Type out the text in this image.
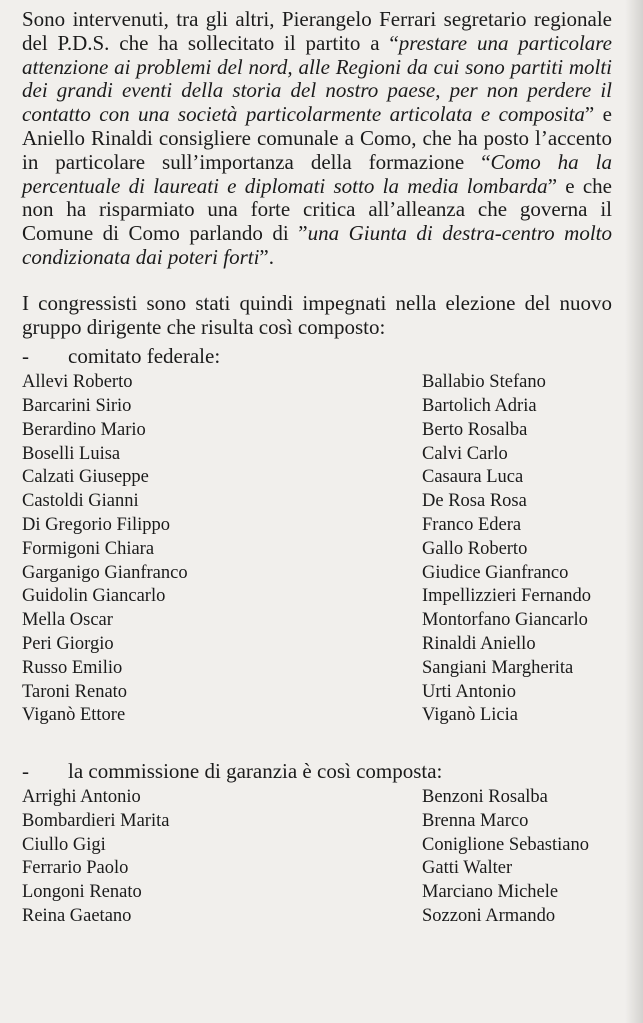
Sono intervenuti, tra gli altri, Pierangelo Ferrari segretario regionale del P.D.S. che ha sollecitato il partito a “prestare una particolare attenzione ai problemi del nord, alle Regioni da cui sono partiti molti dei grandi eventi della storia del nostro paese, per non perdere il contatto con una società particolarmente articolata e composita” e Aniello Rinaldi consigliere comunale a Como, che ha posto l’accento in particolare sull’importanza della formazione “Como ha la percentuale di laureati e diplomati sotto la media lombarda” e che non ha risparmiato una forte critica all’alleanza che governa il Comune di Como parlando di ”una Giunta di destra-centro molto condizionata dai poteri forti”.

I congressisti sono stati quindi impegnati nella elezione del nuovo gruppo dirigente che risulta così composto:

-	comitato federale:
Allevi Roberto	Ballabio Stefano
Barcarini Sirio	Bartolich Adria
Berardino Mario	Berto Rosalba
Boselli Luisa	Calvi Carlo
Calzati Giuseppe	Casaura Luca
Castoldi Gianni	De Rosa Rosa
Di Gregorio Filippo	Franco Edera
Formigoni Chiara	Gallo Roberto
Garganigo Gianfranco	Giudice Gianfranco
Guidolin Giancarlo	Impellizzieri Fernando
Mella Oscar	Montorfano Giancarlo
Peri Giorgio	Rinaldi Aniello
Russo Emilio	Sangiani Margherita
Taroni Renato	Urti Antonio
Viganò Ettore	Viganò Licia
-	la commissione di garanzia è così composta:
Arrighi Antonio	Benzoni Rosalba
Bombardieri Marita	Brenna Marco
Ciullo Gigi	Coniglione Sebastiano
Ferrario Paolo	Gatti Walter
Longoni Renato	Marciano Michele
Reina Gaetano	Sozzoni Armando
